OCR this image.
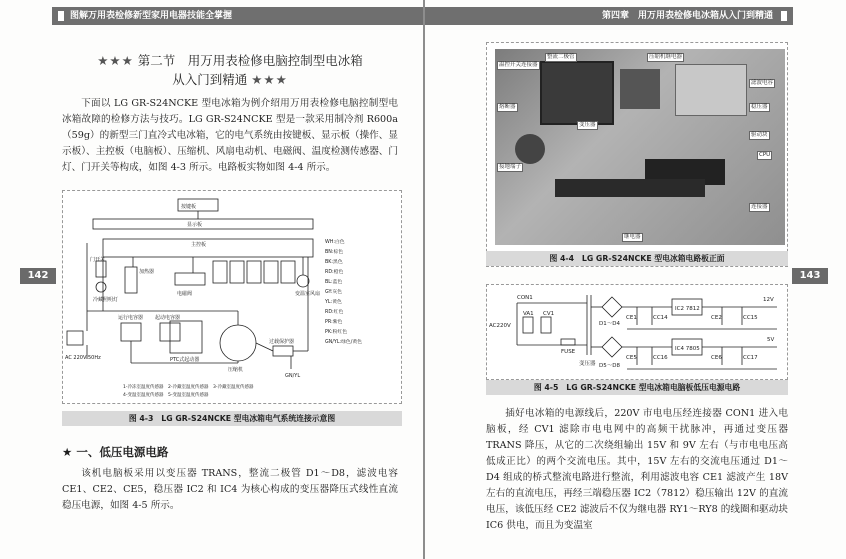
图解万用表检修新型家用电器技能全掌握
142
★★★ 第二节　用万用表检修电脑控制型电冰箱
从入门到精通 ★★★

下面以 LG GR-S24NCKE 型电冰箱为例介绍用万用表检修电脑控制型电冰箱故障的检修方法与技巧。LG GR-S24NCKE 型是一款采用制冷剂 R600a（59g）的新型三门直冷式电冰箱，它的电气系统由按键板、显示板（操作、显示板）、主控板（电脑板）、压缩机、风扇电动机、电磁阀、温度检测传感器、门灯、门开关等构成，如图 4-3 所示。电路板实物如图 4-4 所示。

按键板
显示板
主控板
门开关
冷藏照明灯
加热器
电磁阀	变温室风扇
压缩机
过载保护器
PTC式起动器
运行电容器 起动电容器
AC 220V 50Hz
GN/YL
WH:白色
BN:棕色
BK:黑色
RD:橙色
BL:蓝色
GY:灰色
YL:黄色
RD:红色
PR:紫色
PK:粉红色
GN/YL:绿色/黄色
1-冷冻室温度传感器　2-冷藏室温度传感器　3-冷藏室温度传感器
4-变温室温度传感器　5-变温室温度传感器
图 4-3　LG GR-S24NCKE 型电冰箱电气系统连接示意图
★ 一、低压电源电路

该机电脑板采用以变压器 TRANS，整流二极管 D1～D8，滤波电容 CE1、CE2、CE5，稳压器 IC2 和 IC4 为核心构成的变压器降压式线性直流稳压电源，如图 4-5 所示。

第四章　用万用表检修电冰箱从入门到精通
143
温控开关连接器
整流二极管	压缩机继电器
熔断器
变压器
接地端子
滤波电容
CPU
稳压器
驱动块
连接器
继电器
图 4-4　LG GR-S24NCKE 型电冰箱电路板正面
CON1
AC220V
VA1 CV1
FUSE
变压器
D1～D4
D5～D8
IC2 7812
IC4 7805
CE1	CC14	CE2	CC15
CE5	CC16	CE6	CC17
12V
5V
图 4-5　LG GR-S24NCKE 型电冰箱电脑板低压电源电路

插好电冰箱的电源线后，220V 市电电压经连接器 CON1 进入电脑板，经 CV1 滤除市电电网中的高频干扰脉冲，再通过变压器 TRANS 降压，从它的二次绕组输出 15V 和 9V 左右（与市电电压高低成正比）的两个交流电压。其中，15V 左右的交流电压通过 D1～D4 组成的桥式整流电路进行整流，利用滤波电容 CE1 滤波产生 18V 左右的直流电压，再经三端稳压器 IC2（7812）稳压输出 12V 的直流电压，该低压经 CE2 滤波后不仅为继电器 RY1～RY8 的线圈和驱动块 IC6 供电，而且为变温室
